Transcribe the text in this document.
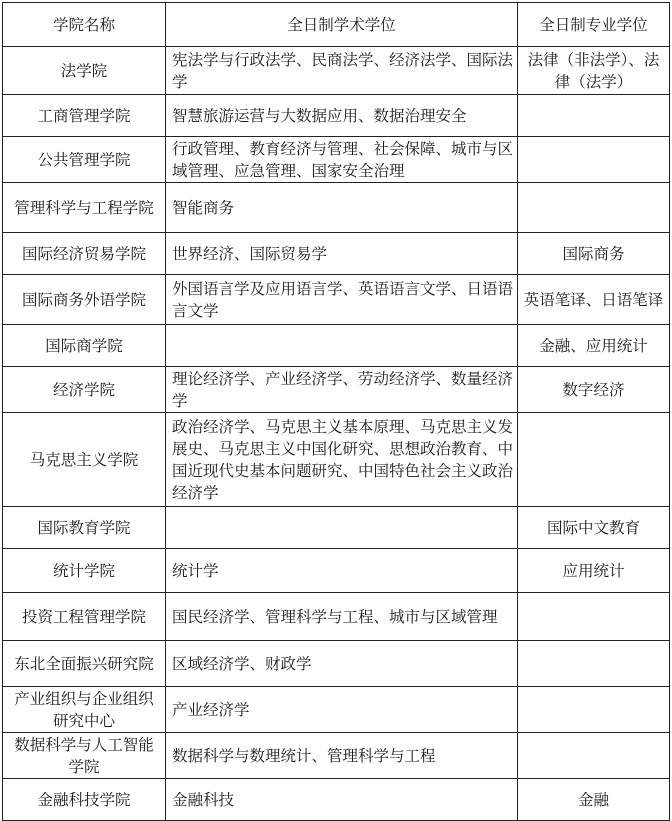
学院名称	全日制学术学位	全日制专业学位
法学院	宪法学与行政法学、民商法学、经济法学、国际法学	法律（非法学）、法律（法学）
工商管理学院	智慧旅游运营与大数据应用、数据治理安全	
公共管理学院	行政管理、教育经济与管理、社会保障、城市与区域管理、应急管理、国家安全治理	
管理科学与工程学院	智能商务	
国际经济贸易学院	世界经济、国际贸易学	国际商务
国际商务外语学院	外国语言学及应用语言学、英语语言文学、日语语言文学	英语笔译、日语笔译
国际商学院		金融、应用统计
经济学院	理论经济学、产业经济学、劳动经济学、数量经济学	数字经济
马克思主义学院	政治经济学、马克思主义基本原理、马克思主义发展史、马克思主义中国化研究、思想政治教育、中国近现代史基本问题研究、中国特色社会主义政治经济学	
国际教育学院		国际中文教育
统计学院	统计学	应用统计
投资工程管理学院	国民经济学、管理科学与工程、城市与区域管理	
东北全面振兴研究院	区域经济学、财政学	
产业组织与企业组织研究中心	产业经济学	
数据科学与人工智能学院	数据科学与数理统计、管理科学与工程	
金融科技学院	金融科技	金融
